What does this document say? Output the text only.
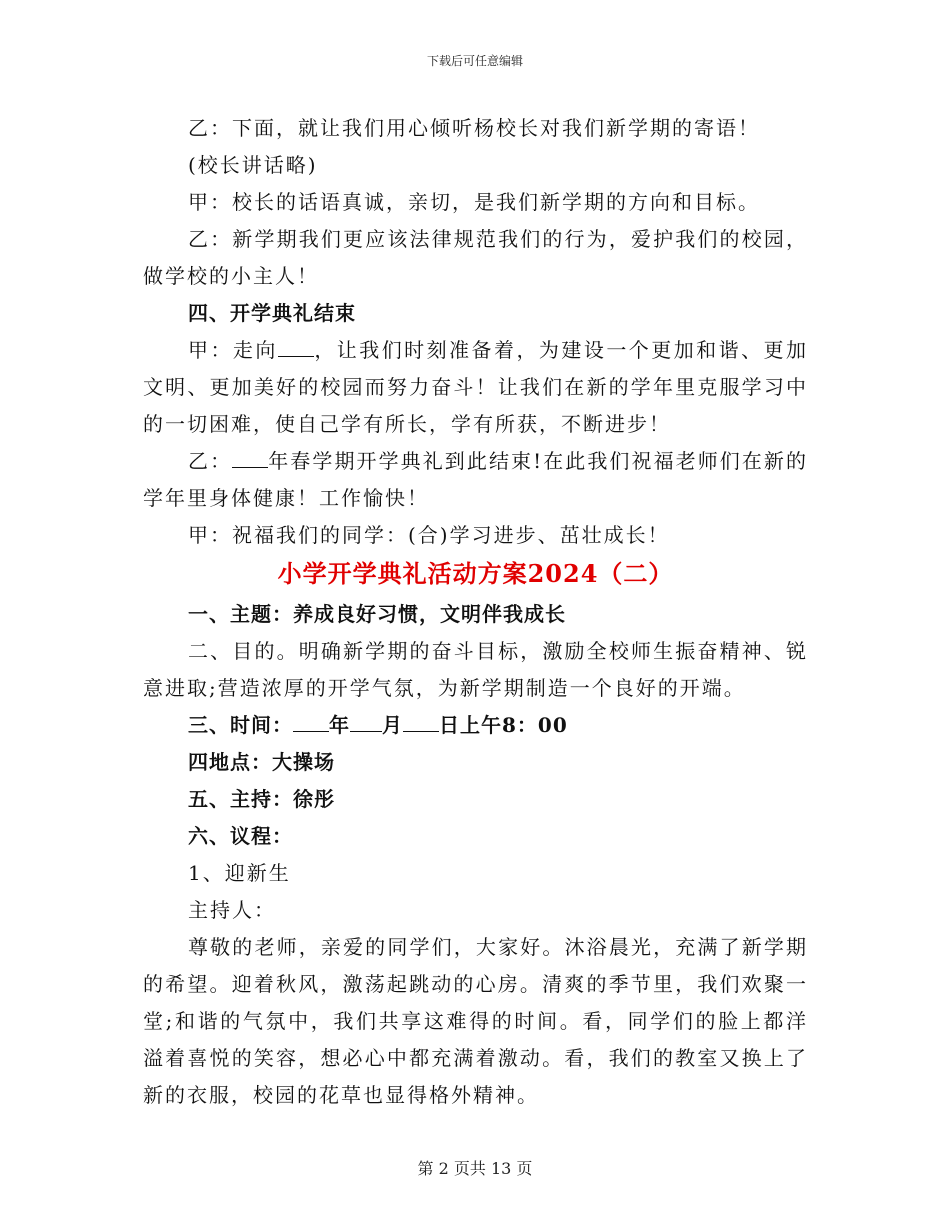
下载后可任意编辑

乙：下面，就让我们用心倾听杨校长对我们新学期的寄语！

(校长讲话略)

甲：校长的话语真诚，亲切，是我们新学期的方向和目标。

乙：新学期我们更应该法律规范我们的行为，爱护我们的校园，做学校的小主人！

四、开学典礼结束

甲：走向 ，让我们时刻准备着，为建设一个更加和谐、更加文明、更加美好的校园而努力奋斗！让我们在新的学年里克服学习中的一切困难，使自己学有所长，学有所获，不断进步！

乙： 年春学期开学典礼到此结束!在此我们祝福老师们在新的学年里身体健康！工作愉快！

甲：祝福我们的同学：(合)学习进步、茁壮成长！

小学开学典礼活动方案2024（二）

一、主题：养成良好习惯，文明伴我成长

二、目的。明确新学期的奋斗目标，激励全校师生振奋精神、锐意进取;营造浓厚的开学气氛，为新学期制造一个良好的开端。

三、时间： 年 月 日上午8：00

四地点：大操场

五、主持：徐彤

六、议程：

1、迎新生

主持人：

尊敬的老师，亲爱的同学们，大家好。沐浴晨光，充满了新学期的希望。迎着秋风，激荡起跳动的心房。清爽的季节里，我们欢聚一堂;和谐的气氛中，我们共享这难得的时间。看，同学们的脸上都洋溢着喜悦的笑容，想必心中都充满着激动。看，我们的教室又换上了新的衣服，校园的花草也显得格外精神。

第 2 页共 13 页
